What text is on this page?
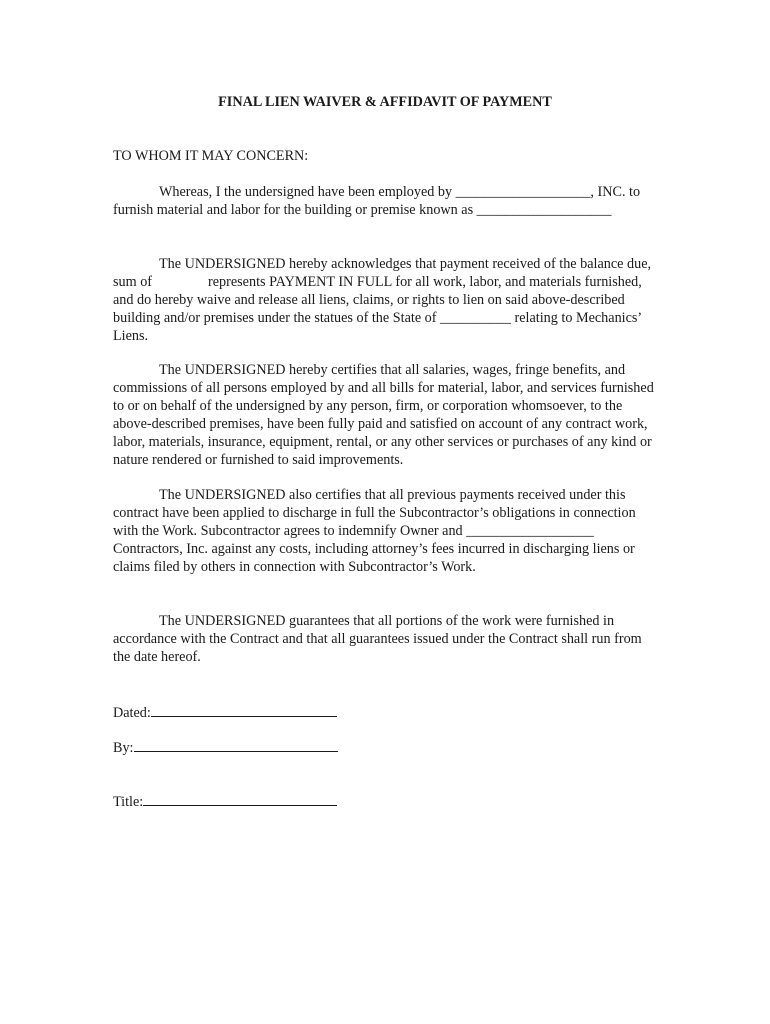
FINAL LIEN WAIVER & AFFIDAVIT OF PAYMENT

TO WHOM IT MAY CONCERN:

Whereas, I the undersigned have been employed by ___________________, INC. to furnish material and labor for the building or premise known as ___________________

The UNDERSIGNED hereby acknowledges that payment received of the balance due, sum of	represents PAYMENT IN FULL for all work, labor, and materials furnished, and do hereby waive and release all liens, claims, or rights to lien on said above-described building and/or premises under the statues of the State of __________ relating to Mechanics’ Liens.

The UNDERSIGNED hereby certifies that all salaries, wages, fringe benefits, and commissions of all persons employed by and all bills for material, labor, and services furnished to or on behalf of the undersigned by any person, firm, or corporation whomsoever, to the above-described premises, have been fully paid and satisfied on account of any contract work, labor, materials, insurance, equipment, rental, or any other services or purchases of any kind or nature rendered or furnished to said improvements.

The UNDERSIGNED also certifies that all previous payments received under this contract have been applied to discharge in full the Subcontractor’s obligations in connection with the Work. Subcontractor agrees to indemnify Owner and __________________ Contractors, Inc. against any costs, including attorney’s fees incurred in discharging liens or claims filed by others in connection with Subcontractor’s Work.

The UNDERSIGNED guarantees that all portions of the work were furnished in accordance with the Contract and that all guarantees issued under the Contract shall run from the date hereof.

Dated:
By:
Title:
